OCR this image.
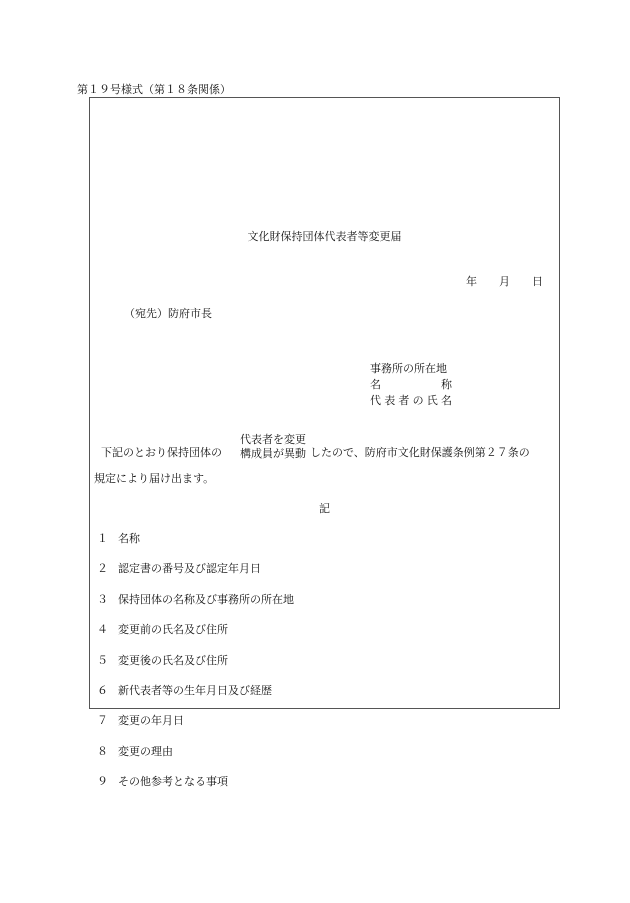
第１９号様式（第１８条関係）
文化財保持団体代表者等変更届
年 月 日
（宛先）防府市長
事務所の所在地
名	称
代 表 者 の 氏 名
下記のとおり保持団体の
代表者を変更
構成員が異動 したので、防府市文化財保護条例第２７条の
規定により届け出ます。
記
１ 名称
２ 認定書の番号及び認定年月日
３ 保持団体の名称及び事務所の所在地
４ 変更前の氏名及び住所
５ 変更後の氏名及び住所
６ 新代表者等の生年月日及び経歴
７ 変更の年月日
８ 変更の理由
９ その他参考となる事項
